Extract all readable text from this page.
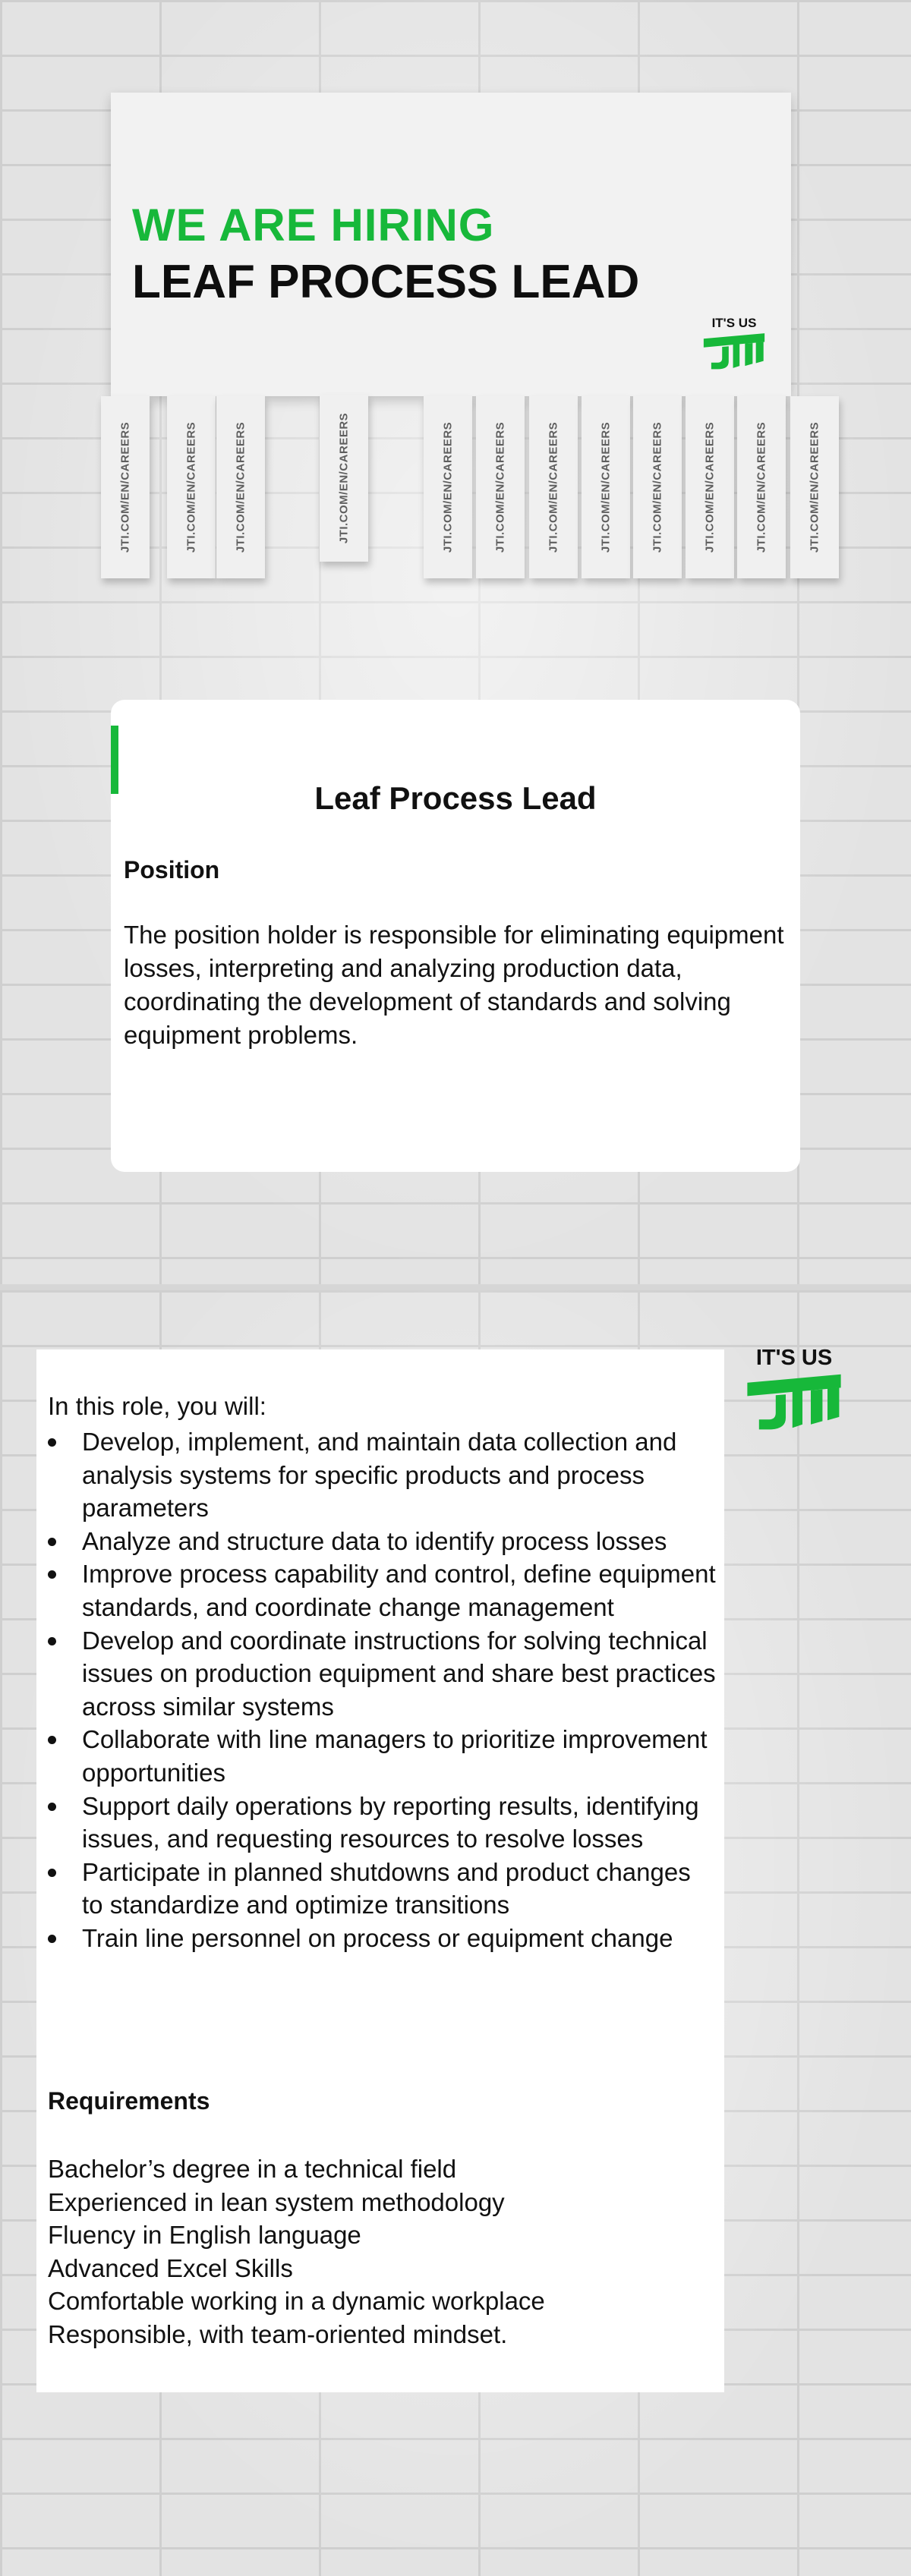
WE ARE HIRING
LEAF PROCESS LEAD
IT'S US
JTI.COM/EN/CAREERS	JTI.COM/EN/CAREERS	JTI.COM/EN/CAREERS	JTI.COM/EN/CAREERS	JTI.COM/EN/CAREERS	JTI.COM/EN/CAREERS	JTI.COM/EN/CAREERS	JTI.COM/EN/CAREERS	JTI.COM/EN/CAREERS	JTI.COM/EN/CAREERS	JTI.COM/EN/CAREERS	JTI.COM/EN/CAREERS
Leaf Process Lead
Position

The position holder is responsible for eliminating equipment losses, interpreting and analyzing production data, coordinating the development of standards and solving equipment problems.

In this role, you will:
Develop, implement, and maintain data collection and analysis systems for specific products and process parameters
Analyze and structure data to identify process losses
Improve process capability and control, define equipment standards, and coordinate change management
Develop and coordinate instructions for solving technical issues on production equipment and share best practices across similar systems
Collaborate with line managers to prioritize improvement opportunities
Support daily operations by reporting results, identifying issues, and requesting resources to resolve losses
Participate in planned shutdowns and product changes to standardize and optimize transitions
Train line personnel on process or equipment change
Requirements
Bachelor’s degree in a technical field
Experienced in lean system methodology
Fluency in English language
Advanced Excel Skills
Comfortable working in a dynamic workplace
Responsible, with team-oriented mindset.
IT'S US
